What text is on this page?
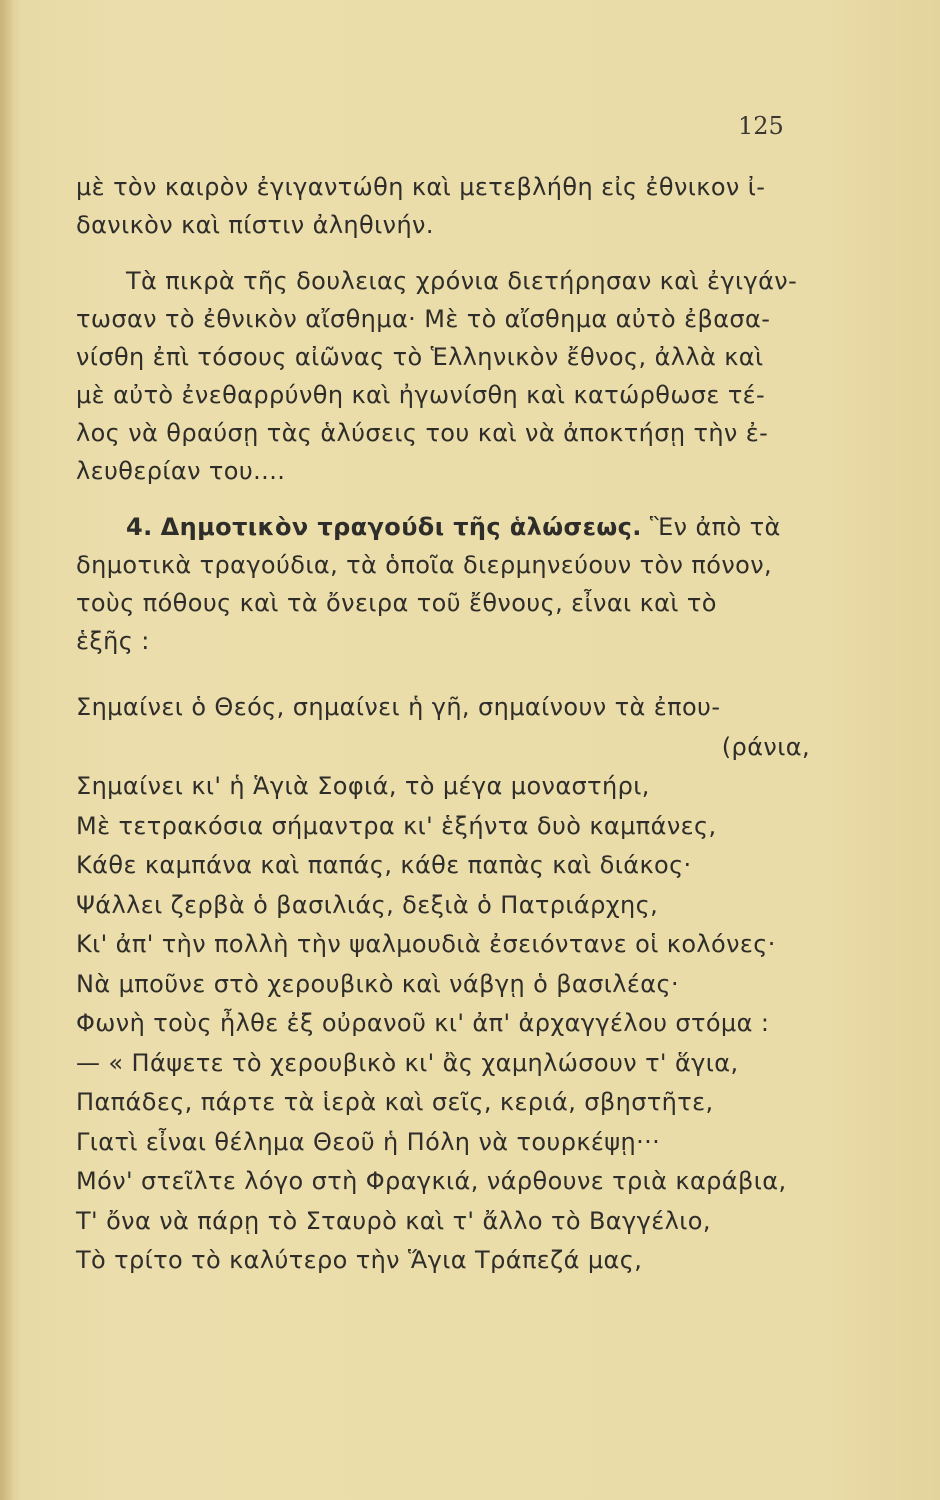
125
μὲ τὸν καιρὸν ἐγιγαντώθη καὶ μετεβλήθη εἰς ἐθνικον ἰ-
δανικὸν καὶ πίστιν ἀληθινήν.
Τὰ πικρὰ τῆς δουλειας χρόνια διετήρησαν καὶ ἐγιγάν-
τωσαν τὸ ἐθνικὸν αἴσθημα· Μὲ τὸ αἴσθημα αὐτὸ ἐβασα-
νίσθη ἐπὶ τόσους αἰῶνας τὸ Ἑλληνικὸν ἔθνος, ἀλλὰ καὶ
μὲ αὐτὸ ἐνεθαρρύνθη καὶ ἠγωνίσθη καὶ κατώρθωσε τέ-
λος νὰ θραύσῃ τὰς ἁλύσεις του καὶ νὰ ἀποκτήσῃ τὴν ἐ-
λευθερίαν του....
4. Δημοτικὸν τραγούδι τῆς ἁλώσεως. Ἓν ἀπὸ τὰ
δημοτικὰ τραγούδια, τὰ ὁποῖα διερμηνεύουν τὸν πόνον,
τοὺς πόθους καὶ τὰ ὄνειρα τοῦ ἔθνους, εἶναι καὶ τὸ
ἑξῆς :
Σημαίνει ὁ Θεός, σημαίνει ἡ γῆ, σημαίνουν τὰ ἐπου-
(ράνια,
Σημαίνει κι' ἡ Ἁγιὰ Σοφιά, τὸ μέγα μοναστήρι,
Μὲ τετρακόσια σήμαντρα κι' ἑξήντα δυὸ καμπάνες,
Κάθε καμπάνα καὶ παπάς, κάθε παπὰς καὶ διάκος·
Ψάλλει ζερβὰ ὁ βασιλιάς, δεξιὰ ὁ Πατριάρχης,
Κι' ἀπ' τὴν πολλὴ τὴν ψαλμουδιὰ ἐσειόντανε οἱ κολόνες·
Νὰ μποῦνε στὸ χερουβικὸ καὶ νάβγῃ ὁ βασιλέας·
Φωνὴ τοὺς ἦλθε ἐξ οὐρανοῦ κι' ἀπ' ἀρχαγγέλου στόμα :
— « Πάψετε τὸ χερουβικὸ κι' ἂς χαμηλώσουν τ' ἅγια,
Παπάδες, πάρτε τὰ ἱερὰ καὶ σεῖς, κεριά, σβηστῆτε,
Γιατὶ εἶναι θέλημα Θεοῦ ἡ Πόλη νὰ τουρκέψῃ···
Μόν' στεῖλτε λόγο στὴ Φραγκιά, νάρθουνε τριὰ καράβια,
Τ' ὄνα νὰ πάρῃ τὸ Σταυρὸ καὶ τ' ἄλλο τὸ Βαγγέλιο,
Τὸ τρίτο τὸ καλύτερο τὴν Ἅγια Τράπεζά μας,
